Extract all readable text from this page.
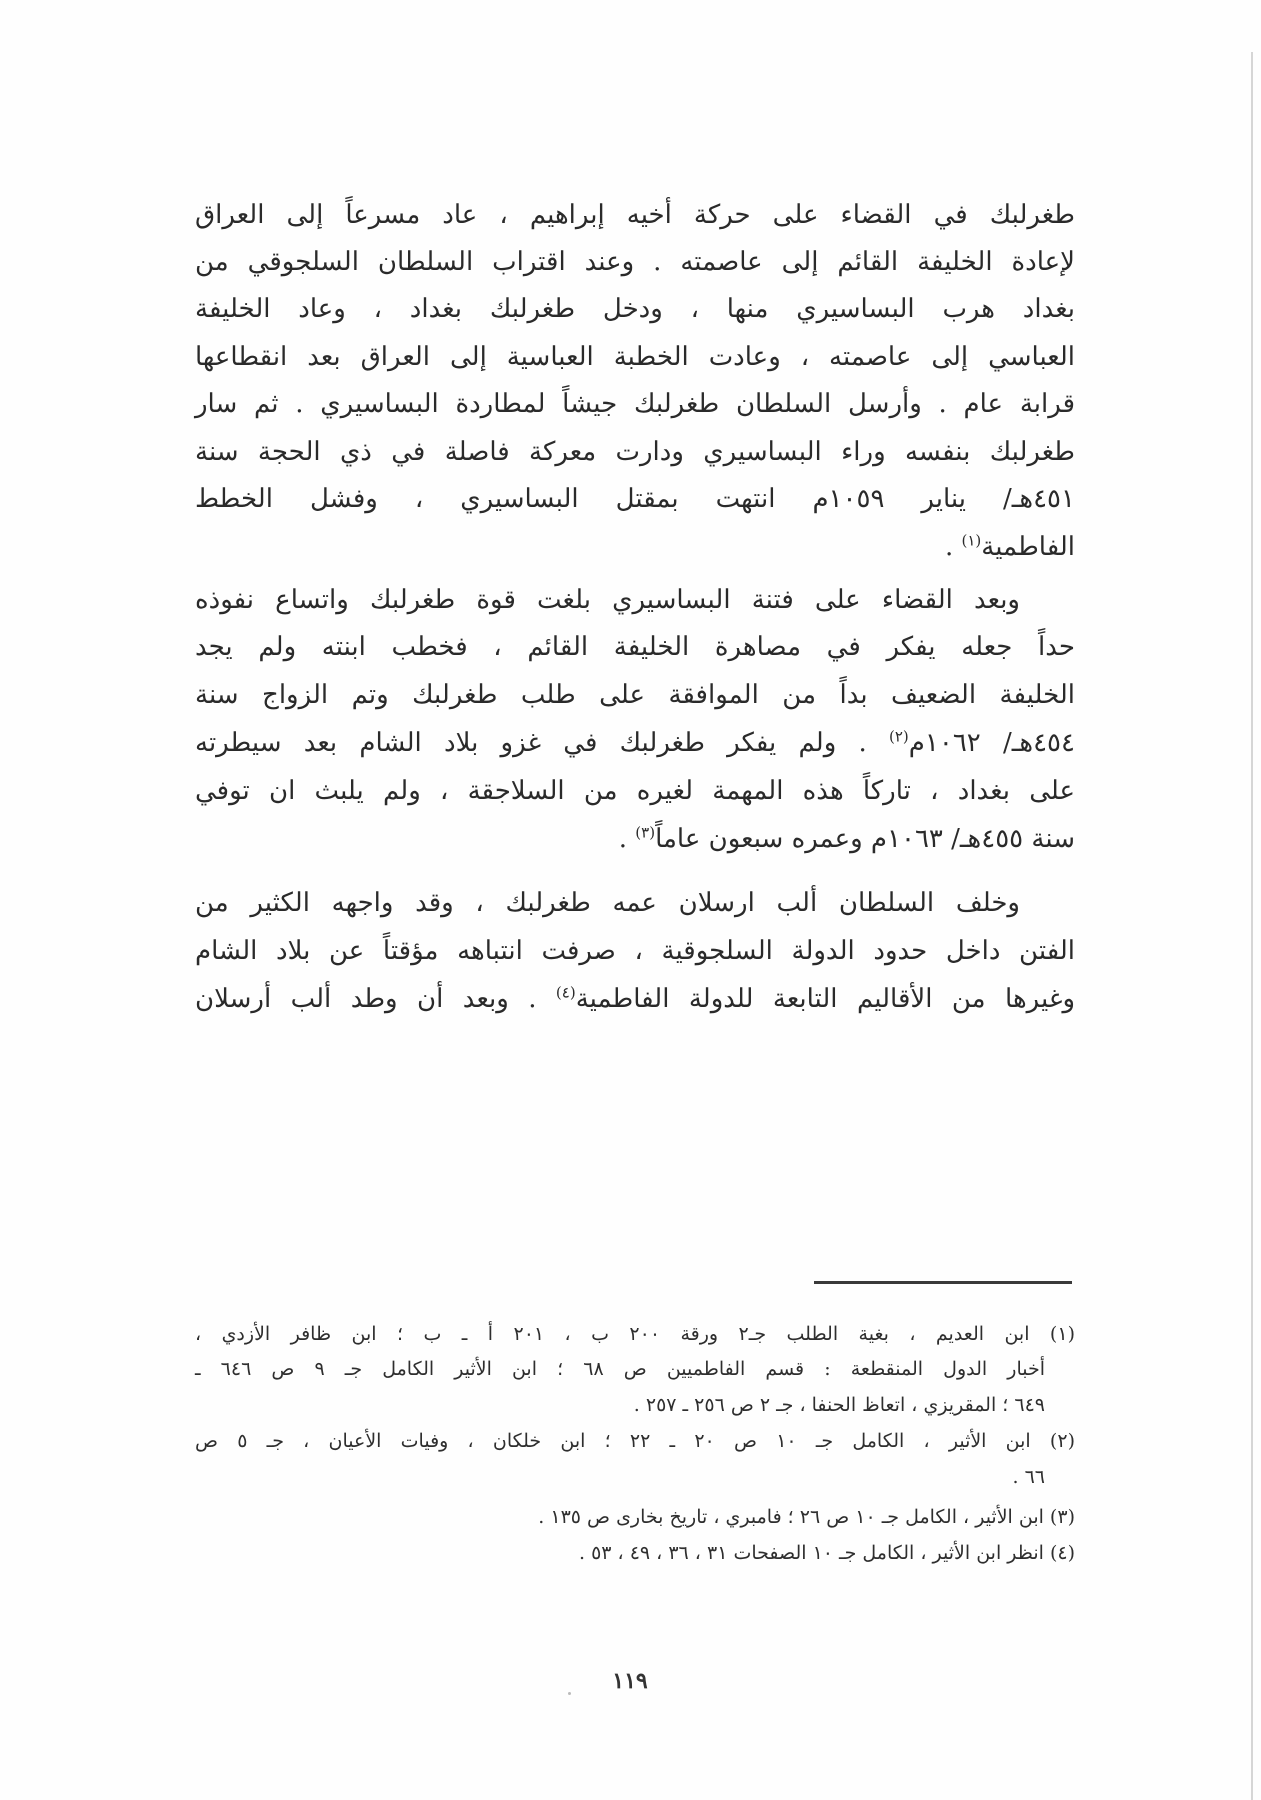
طغرلبك في القضاء على حركة أخيه إبراهيم ، عاد مسرعاً إلى العراق
لإعادة الخليفة القائم إلى عاصمته . وعند اقتراب السلطان السلجوقي من
بغداد هرب البساسيري منها ، ودخل طغرلبك بغداد ، وعاد الخليفة
العباسي إلى عاصمته ، وعادت الخطبة العباسية إلى العراق بعد انقطاعها
قرابة عام . وأرسل السلطان طغرلبك جيشاً لمطاردة البساسيري . ثم سار
طغرلبك بنفسه وراء البساسيري ودارت معركة فاصلة في ذي الحجة سنة
٤٥١هـ/ يناير ١٠٥٩م انتهت بمقتل البساسيري ، وفشل الخطط
الفاطمية$^{(١)}$ .
وبعد القضاء على فتنة البساسيري بلغت قوة طغرلبك واتساع نفوذه
حداً جعله يفكر في مصاهرة الخليفة القائم ، فخطب ابنته ولم يجد
الخليفة الضعيف بداً من الموافقة على طلب طغرلبك وتم الزواج سنة
٤٥٤هـ/ ١٠٦٢م$^{(٢)}$ . ولم يفكر طغرلبك في غزو بلاد الشام بعد سيطرته
على بغداد ، تاركاً هذه المهمة لغيره من السلاجقة ، ولم يلبث ان توفي
سنة ٤٥٥هـ/ ١٠٦٣م وعمره سبعون عاماً$^{(٣)}$ .
وخلف السلطان ألب ارسلان عمه طغرلبك ، وقد واجهه الكثير من
الفتن داخل حدود الدولة السلجوقية ، صرفت انتباهه مؤقتاً عن بلاد الشام
وغيرها من الأقاليم التابعة للدولة الفاطمية$^{(٤)}$ . وبعد أن وطد ألب أرسلان
(١) ابن العديم ، بغية الطلب جـ٢ ورقة ٢٠٠ ب ، ٢٠١ أ ـ ب ؛ ابن ظافر الأزدي ،
أخبار الدول المنقطعة : قسم الفاطميين ص ٦٨ ؛ ابن الأثير الكامل جـ ٩ ص ٦٤٦ ـ
٦٤٩ ؛ المقريزي ، اتعاظ الحنفا ، جـ ٢ ص ٢٥٦ ـ ٢٥٧ .
(٢) ابن الأثير ، الكامل جـ ١٠ ص ٢٠ ـ ٢٢ ؛ ابن خلكان ، وفيات الأعيان ، جـ ٥ ص
٦٦ .
(٣) ابن الأثير ، الكامل جـ ١٠ ص ٢٦ ؛ فامبري ، تاريخ بخارى ص ١٣٥ .
(٤) انظر ابن الأثير ، الكامل جـ ١٠ الصفحات ٣١ ، ٣٦ ، ٤٩ ، ٥٣ .
١١٩
